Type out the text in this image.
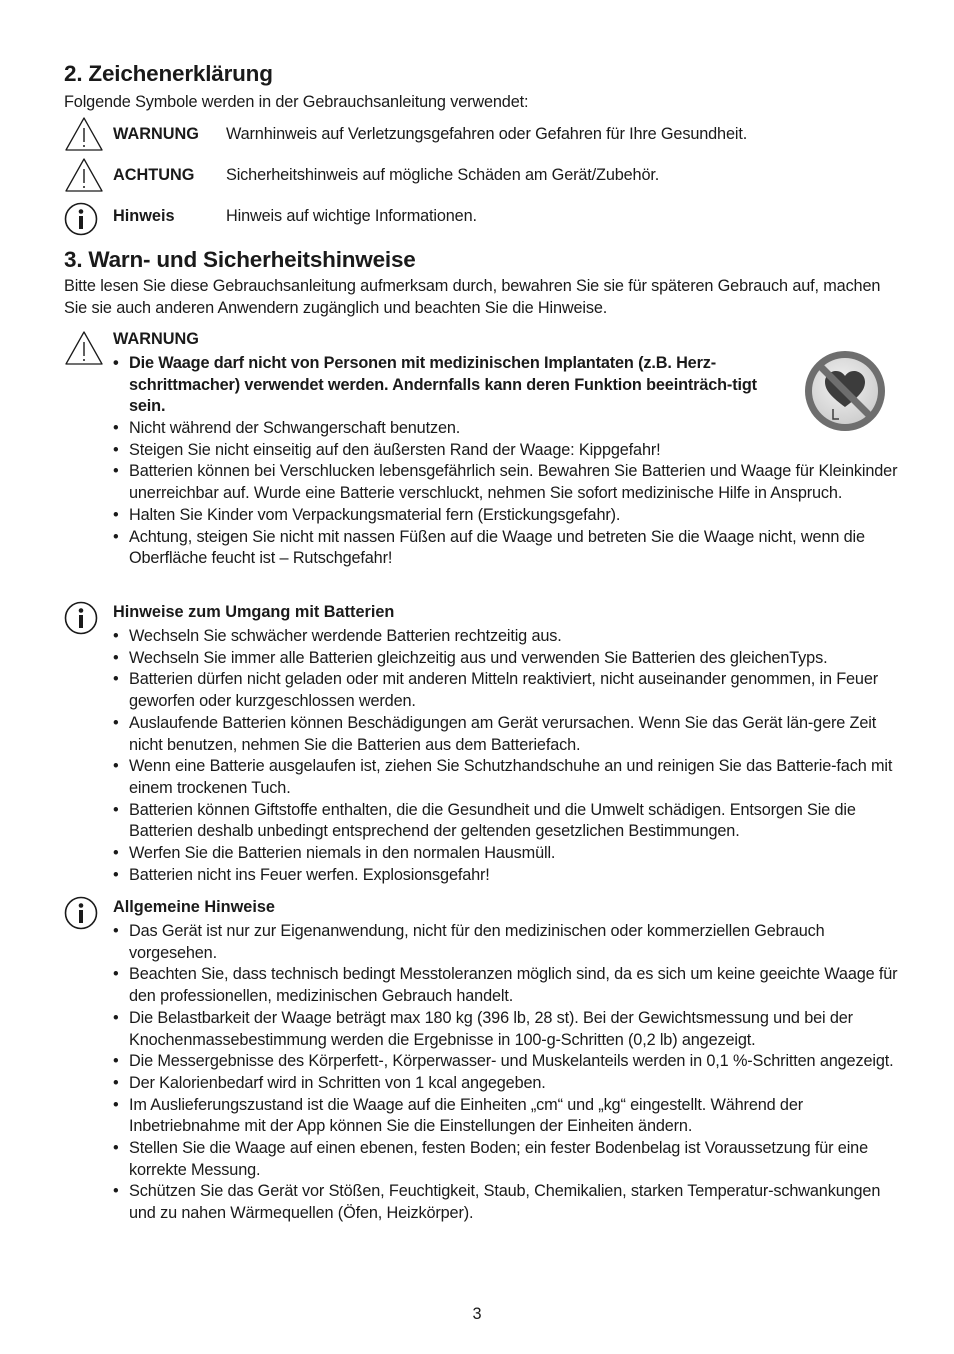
2. Zeichenerklärung

Folgende Symbole werden in der Gebrauchsanleitung verwendet:

WARNUNG Warnhinweis auf Verletzungsgefahren oder Gefahren für Ihre Gesundheit.
ACHTUNG Sicherheitshinweis auf mögliche Schäden am Gerät/Zubehör.
Hinweis	Hinweis auf wichtige Informationen.
3. Warn- und Sicherheitshinweise

Bitte lesen Sie diese Gebrauchsanleitung aufmerksam durch, bewahren Sie sie für späteren Gebrauch auf, machen Sie sie auch anderen Anwendern zugänglich und beachten Sie die Hinweise.

WARNUNG
• Die Waage darf nicht von Personen mit medizinischen Implantaten (z.B. Herz-schrittmacher) verwendet werden. Andernfalls kann deren Funktion beeinträch-tigt sein.
• Nicht während der Schwangerschaft benutzen.
• Steigen Sie nicht einseitig auf den äußersten Rand der Waage: Kippgefahr!
• Batterien können bei Verschlucken lebensgefährlich sein. Bewahren Sie Batterien und Waage für Kleinkinder unerreichbar auf. Wurde eine Batterie verschluckt, nehmen Sie sofort medizinische Hilfe in Anspruch.
• Halten Sie Kinder vom Verpackungsmaterial fern (Erstickungsgefahr).
• Achtung, steigen Sie nicht mit nassen Füßen auf die Waage und betreten Sie die Waage nicht, wenn die Oberfläche feucht ist – Rutschgefahr!
Hinweise zum Umgang mit Batterien
• Wechseln Sie schwächer werdende Batterien rechtzeitig aus.
• Wechseln Sie immer alle Batterien gleichzeitig aus und verwenden Sie Batterien des gleichenTyps.
• Batterien dürfen nicht geladen oder mit anderen Mitteln reaktiviert, nicht auseinander genommen, in Feuer geworfen oder kurzgeschlossen werden.
• Auslaufende Batterien können Beschädigungen am Gerät verursachen. Wenn Sie das Gerät län-gere Zeit nicht benutzen, nehmen Sie die Batterien aus dem Batteriefach.
• Wenn eine Batterie ausgelaufen ist, ziehen Sie Schutzhandschuhe an und reinigen Sie das Batterie-fach mit einem trockenen Tuch.
• Batterien können Giftstoffe enthalten, die die Gesundheit und die Umwelt schädigen. Entsorgen Sie die Batterien deshalb unbedingt entsprechend der geltenden gesetzlichen Bestimmungen.
• Werfen Sie die Batterien niemals in den normalen Hausmüll.
• Batterien nicht ins Feuer werfen. Explosionsgefahr!
Allgemeine Hinweise
• Das Gerät ist nur zur Eigenanwendung, nicht für den medizinischen oder kommerziellen Gebrauch vorgesehen.
• Beachten Sie, dass technisch bedingt Messtoleranzen möglich sind, da es sich um keine geeichte Waage für den professionellen, medizinischen Gebrauch handelt.
• Die Belastbarkeit der Waage beträgt max 180 kg (396 lb, 28 st). Bei der Gewichtsmessung und bei der Knochenmassebestimmung werden die Ergebnisse in 100-g-Schritten (0,2 lb) angezeigt.
• Die Messergebnisse des Körperfett-, Körperwasser- und Muskelanteils werden in 0,1 %-Schritten angezeigt.
• Der Kalorienbedarf wird in Schritten von 1 kcal angegeben.
• Im Auslieferungszustand ist die Waage auf die Einheiten „cm“ und „kg“ eingestellt. Während der Inbetriebnahme mit der App können Sie die Einstellungen der Einheiten ändern.
• Stellen Sie die Waage auf einen ebenen, festen Boden; ein fester Bodenbelag ist Voraussetzung für eine korrekte Messung.
• Schützen Sie das Gerät vor Stößen, Feuchtigkeit, Staub, Chemikalien, starken Temperatur-schwankungen und zu nahen Wärmequellen (Öfen, Heizkörper).
3
